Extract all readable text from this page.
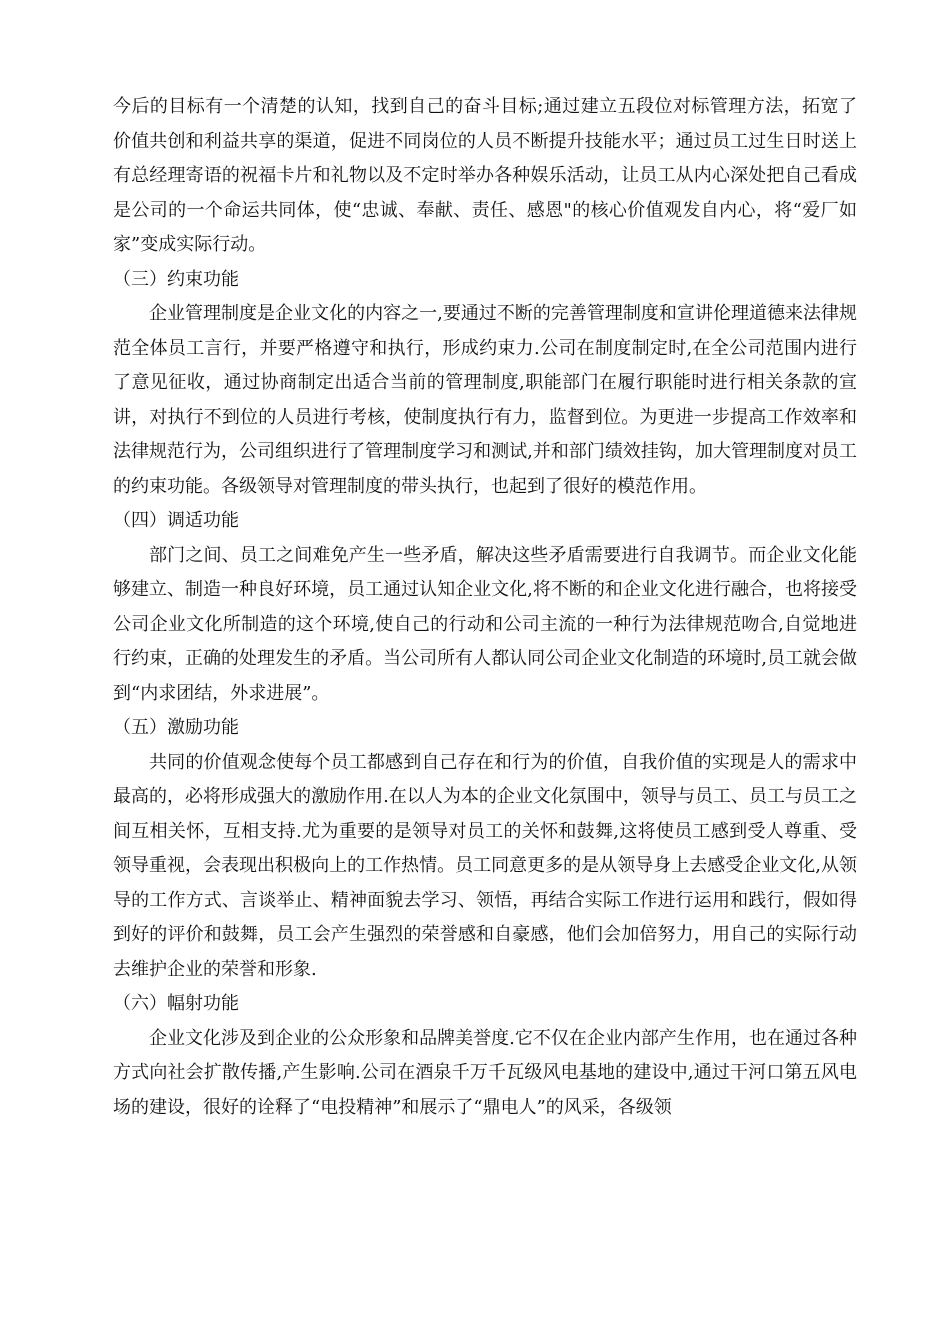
今后的目标有一个清楚的认知，找到自己的奋斗目标;通过建立五段位对标管理方法，拓宽了价值共创和利益共享的渠道，促进不同岗位的人员不断提升技能水平；通过员工过生日时送上有总经理寄语的祝福卡片和礼物以及不定时举办各种娱乐活动，让员工从内心深处把自己看成是公司的一个命运共同体，使“忠诚、奉献、责任、感恩"的核心价值观发自内心，将“爱厂如家”变成实际行动。

（三）约束功能

企业管理制度是企业文化的内容之一,要通过不断的完善管理制度和宣讲伦理道德来法律规范全体员工言行，并要严格遵守和执行，形成约束力.公司在制度制定时,在全公司范围内进行了意见征收，通过协商制定出适合当前的管理制度,职能部门在履行职能时进行相关条款的宣讲，对执行不到位的人员进行考核，使制度执行有力，监督到位。为更进一步提高工作效率和法律规范行为，公司组织进行了管理制度学习和测试,并和部门绩效挂钩，加大管理制度对员工的约束功能。各级领导对管理制度的带头执行，也起到了很好的模范作用。

（四）调适功能

部门之间、员工之间难免产生一些矛盾，解决这些矛盾需要进行自我调节。而企业文化能够建立、制造一种良好环境，员工通过认知企业文化,将不断的和企业文化进行融合，也将接受公司企业文化所制造的这个环境,使自己的行动和公司主流的一种行为法律规范吻合,自觉地进行约束，正确的处理发生的矛盾。当公司所有人都认同公司企业文化制造的环境时,员工就会做到“内求团结，外求进展”。

（五）激励功能

共同的价值观念使每个员工都感到自己存在和行为的价值，自我价值的实现是人的需求中最高的，必将形成强大的激励作用.在以人为本的企业文化氛围中，领导与员工、员工与员工之间互相关怀，互相支持.尤为重要的是领导对员工的关怀和鼓舞,这将使员工感到受人尊重、受领导重视，会表现出积极向上的工作热情。员工同意更多的是从领导身上去感受企业文化,从领导的工作方式、言谈举止、精神面貌去学习、领悟，再结合实际工作进行运用和践行，假如得到好的评价和鼓舞，员工会产生强烈的荣誉感和自豪感，他们会加倍努力，用自己的实际行动去维护企业的荣誉和形象.

（六）幅射功能

企业文化涉及到企业的公众形象和品牌美誉度.它不仅在企业内部产生作用，也在通过各种方式向社会扩散传播,产生影响.公司在酒泉千万千瓦级风电基地的建设中,通过干河口第五风电场的建设，很好的诠释了“电投精神”和展示了“鼎电人”的风采，各级领
